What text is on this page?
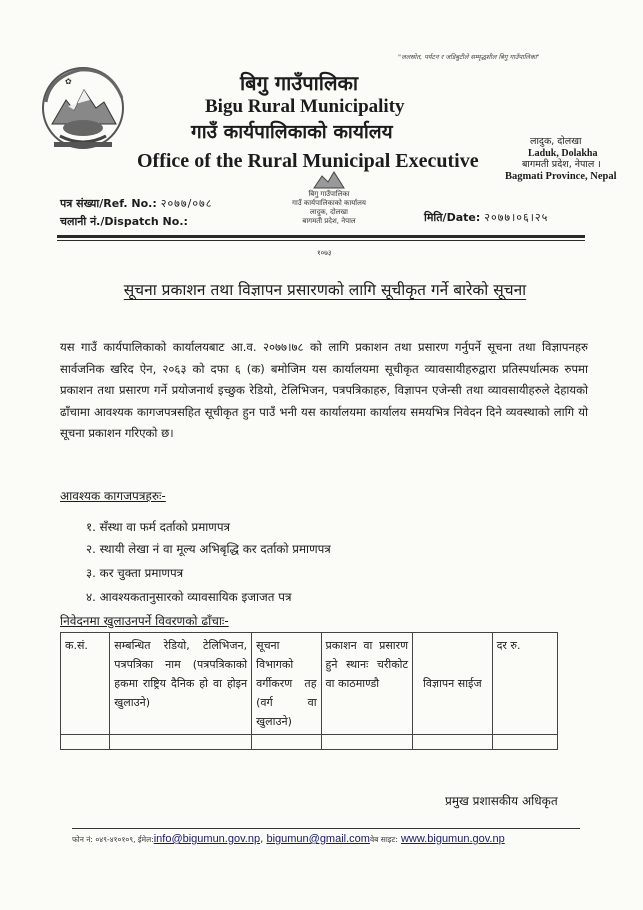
"जलस्रोत, पर्यटन र जडिबुटीले सम्मृद्धशील बिगु गाउँपालिका"
✿	बिगु गाउँपालिका
Bigu Rural Municipality
गाउँ कार्यपालिकाको कार्यालय
Office of the Rural Municipal Executive
लादुक, दोलखा
Laduk, Dolakha
बागमती प्रदेश, नेपाल ।
Bagmati Province, Nepal
पत्र संख्या/Ref. No.: २०७७/०७८
चलानी नं./Dispatch No.:	मिति/Date: २०७७।०६।२५
बिगु गाउँपालिका
गाउँ कार्यपालिकाको कार्यालय
लादुक, दोलखा
बागमती प्रदेश, नेपाल
१०७३
सूचना प्रकाशन तथा विज्ञापन प्रसारणको लागि सूचीकृत गर्ने बारेको सूचना
यस गाउँ कार्यपालिकाको कार्यालयबाट आ.व. २०७७।७८ को लागि प्रकाशन तथा प्रसारण गर्नुपर्ने सूचना तथा विज्ञापनहरु सार्वजनिक खरिद ऐन, २०६३ को दफा ६ (क) बमोजिम यस कार्यालयमा सूचीकृत व्यावसायीहरुद्वारा प्रतिस्पर्धात्मक रुपमा प्रकाशन तथा प्रसारण गर्ने प्रयोजनार्थ इच्छुक रेडियो, टेलिभिजन, पत्रपत्रिकाहरु, विज्ञापन एजेन्सी तथा व्यावसायीहरुले देहायको ढाँचामा आवश्यक कागजपत्रसहित सूचीकृत हुन पाउँ भनी यस कार्यालयमा कार्यालय समयभित्र निवेदन दिने व्यवस्थाको लागि यो सूचना प्रकाशन गरिएको छ।
आवश्यक कागजपत्रहरुः-
१. सँस्था वा फर्म दर्ताको प्रमाणपत्र
२. स्थायी लेखा नं वा मूल्य अभिबृद्धि कर दर्ताको प्रमाणपत्र
३. कर चुक्ता प्रमाणपत्र
४. आवश्यकतानुसारको व्यावसायिक इजाजत पत्र
निवेदनमा खुलाउनपर्ने विवरणको ढाँचाः-
क.सं.	सम्बन्धित रेडियो, टेलिभिजन, पत्रपत्रिका नाम (पत्रपत्रिकाको हकमा राष्ट्रिय दैनिक हो वा होइन खुलाउने)	सूचना विभागको वर्गीकरण तह (वर्ग वा खुलाउने)	प्रकाशन वा प्रसारण हुने स्थानः चरीकोट वा काठमाण्डौ	विज्ञापन साईज	दर रु.

प्रमुख प्रशासकीय अधिकृत
फोन नं: ०४९-४१०१०९, ईमेल:info@bigumun.gov.np, bigumun@gmail.comवेब साइट: www.bigumun.gov.np
